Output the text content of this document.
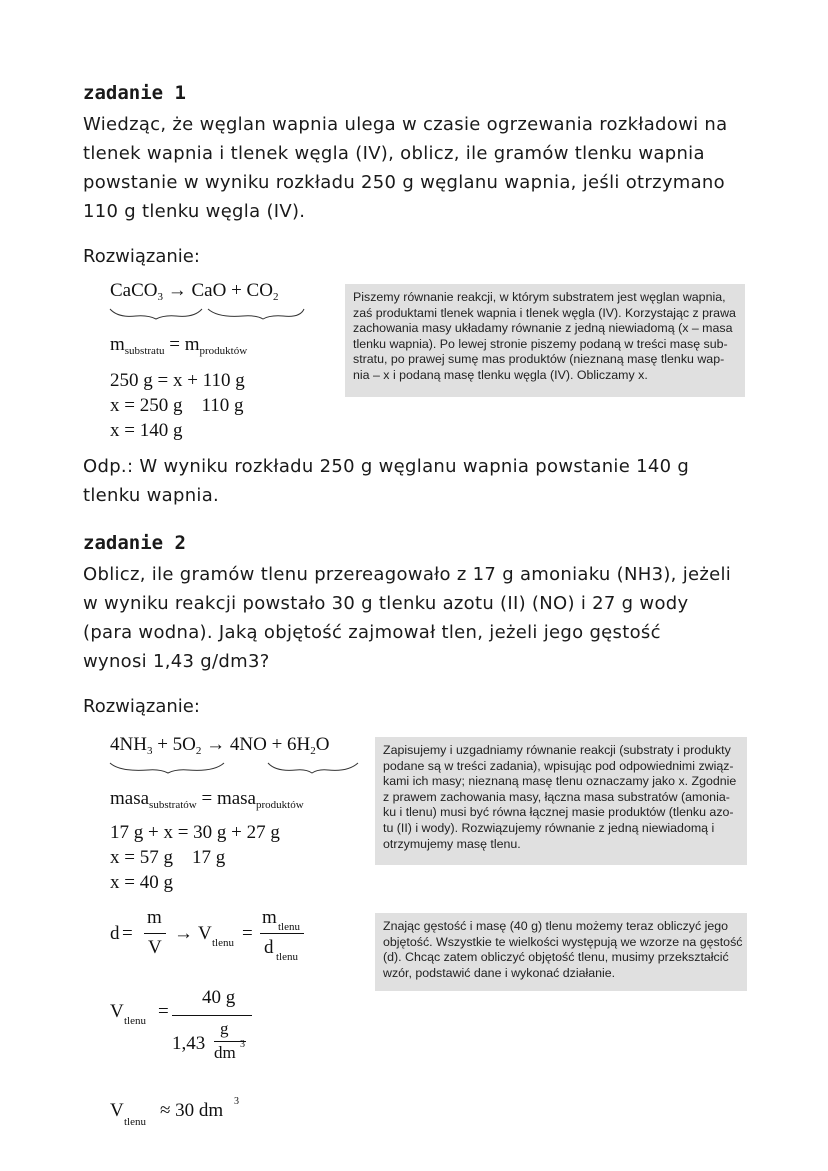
zadanie 1
Wiedząc, że węglan wapnia ulega w czasie ogrzewania rozkładowi na
tlenek wapnia i tlenek węgla (IV), oblicz, ile gramów tlenku wapnia
powstanie w wyniku rozkładu 250 g węglanu wapnia, jeśli otrzymano
110 g tlenku węgla (IV).
Rozwiązanie:
CaCO$_3$ → CaO + $CO_2$
$m_{substratu} = m_{produktów}$
250 g = x + 110 g
x = 250 g    110 g
x = 140 g
Piszemy równanie reakcji, w którym substratem jest węglan wapnia,
zaś produktami tlenek wapnia i tlenek węgla (IV). Korzystając z prawa
zachowania masy układamy równanie z jedną niewiadomą (x – masa
tlenku wapnia). Po lewej stronie piszemy podaną w treści masę sub-
stratu, po prawej sumę mas produktów (nieznaną masę tlenku wap-
nia – x i podaną masę tlenku węgla (IV). Obliczamy x.
Odp.: W wyniku rozkładu 250 g węglanu wapnia powstanie 140 g
tlenku wapnia.
zadanie 2
Oblicz, ile gramów tlenu przereagowało z 17 g amoniaku (NH3), jeżeli
w wyniku reakcji powstało 30 g tlenku azotu (II) (NO) i 27 g wody
(para wodna). Jaką objętość zajmował tlen, jeżeli jego gęstość
wynosi 1,43 g/dm3?
Rozwiązanie:
$4NH_3 + 5O_2 \to 4NO + 6H_2O$
masa$_{substratów}$ = masa$_{produktów}$
17 g + x = 30 g + 27 g
x = 57 g    17 g
x = 40 g
Zapisujemy i uzgadniamy równanie reakcji (substraty i produkty
podane są w treści zadania), wpisując pod odpowiednimi związ-
kami ich masy; nieznaną masę tlenu oznaczamy jako x. Zgodnie
z prawem zachowania masy, łączna masa substratów (amonia-
ku i tlenu) musi być równa łącznej masie produktów (tlenku azo-
tu (II) i wody). Rozwiązujemy równanie z jedną niewiadomą i
otrzymujemy masę tlenu.
d =
m
V
→ V tlenu =
m tlenu
d tlenu
Znając gęstość i masę (40 g) tlenu możemy teraz obliczyć jego
objętość. Wszystkie te wielkości występują we wzorze na gęstość
(d). Chcąc zatem obliczyć objętość tlenu, musimy przekształcić
wzór, podstawić dane i wykonać działanie.
V tlenu =
40 g
1,43
g
dm 3
V
tlenu
≈ 30 dm 3
